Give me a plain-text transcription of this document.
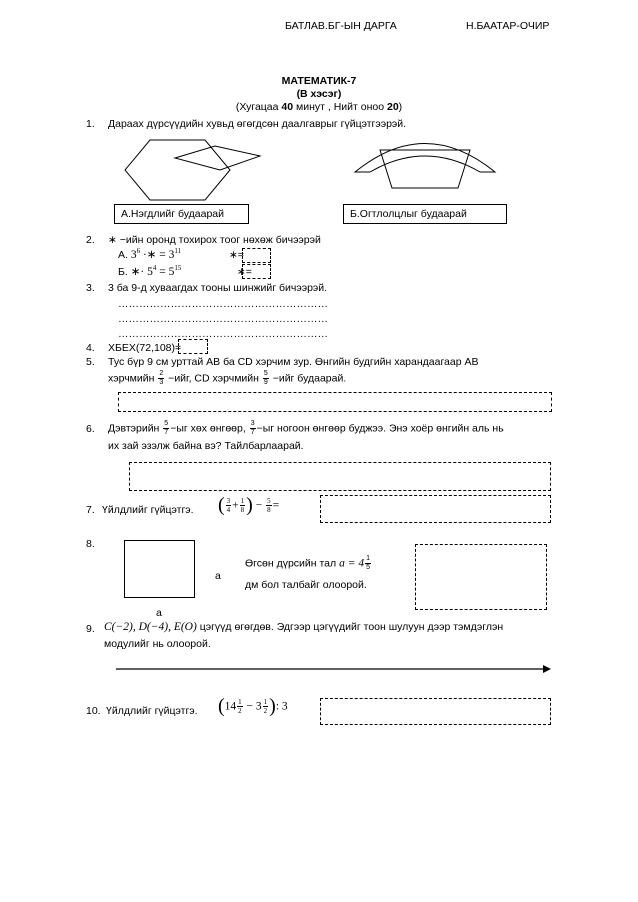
БАТЛАВ.БГ-ЫН ДАРГА	Н.БААТАР-ОЧИР
МАТЕМАТИК-7
(В хэсэг)
(Хугацаа 40 минут , Нийт оноо 20)
1. Дараах дүрсүүдийн хувьд өгөгдсөн даалгаврыг гүйцэтгээрэй.
А.Нэгдлийг будаарай	Б.Огтлолцлыг будаарай
2. ∗ −ийн оронд тохирох тоог нөхөж бичээрэй
А. $3^6$ ·∗ = $3^{11}$	∗=
Б. ∗· $5^4 = 5^{15}$	∗=
3. 3 ба 9-д хуваагдах тооны шинжийг бичээрэй.
……………………………………………………
……………………………………………………
……………………………………………………
4. ХБЕХ(72,108)=
5. Тус бүр 9 см урттай АВ ба CD хэрчим зур. Өнгийн будгийн харандаагаар АВ
хэрчмийн $\frac{2}{3} -ийг$, CD хэрчмийн $\frac{5}{9} -ийг$ будаарай.
6. Дэвтэрийн $\frac{5}{7} -ыг$ хөх өнгөөр, $\frac{3}{7} -ыг$ ногоон өнгөөр буджээ. Энэ хоёр өнгийн аль нь
их зай эзэлж байна вэ? Тайлбарлаарай.
7. Үйлдлийг гүйцэтгэ. ( $\frac{3}{4} + \frac{1}{8}$ ) − $\frac{5}{8}$ =
8.
a
a
Өгсөн дүрсийн тал $a = 4 \frac{1}{5}$
дм бол талбайг олоорой.
9. C(−2), D(−4), E(O) цэгүүд өгөгдөв. Эдгээр цэгүүдийг тоон шулуун дээр тэмдэглэн
модулийг нь олоорой.
10. Үйлдлийг гүйцэтгэ. ($14 \frac{1}{2} - 3 \frac{1}{2}$ ): 3
